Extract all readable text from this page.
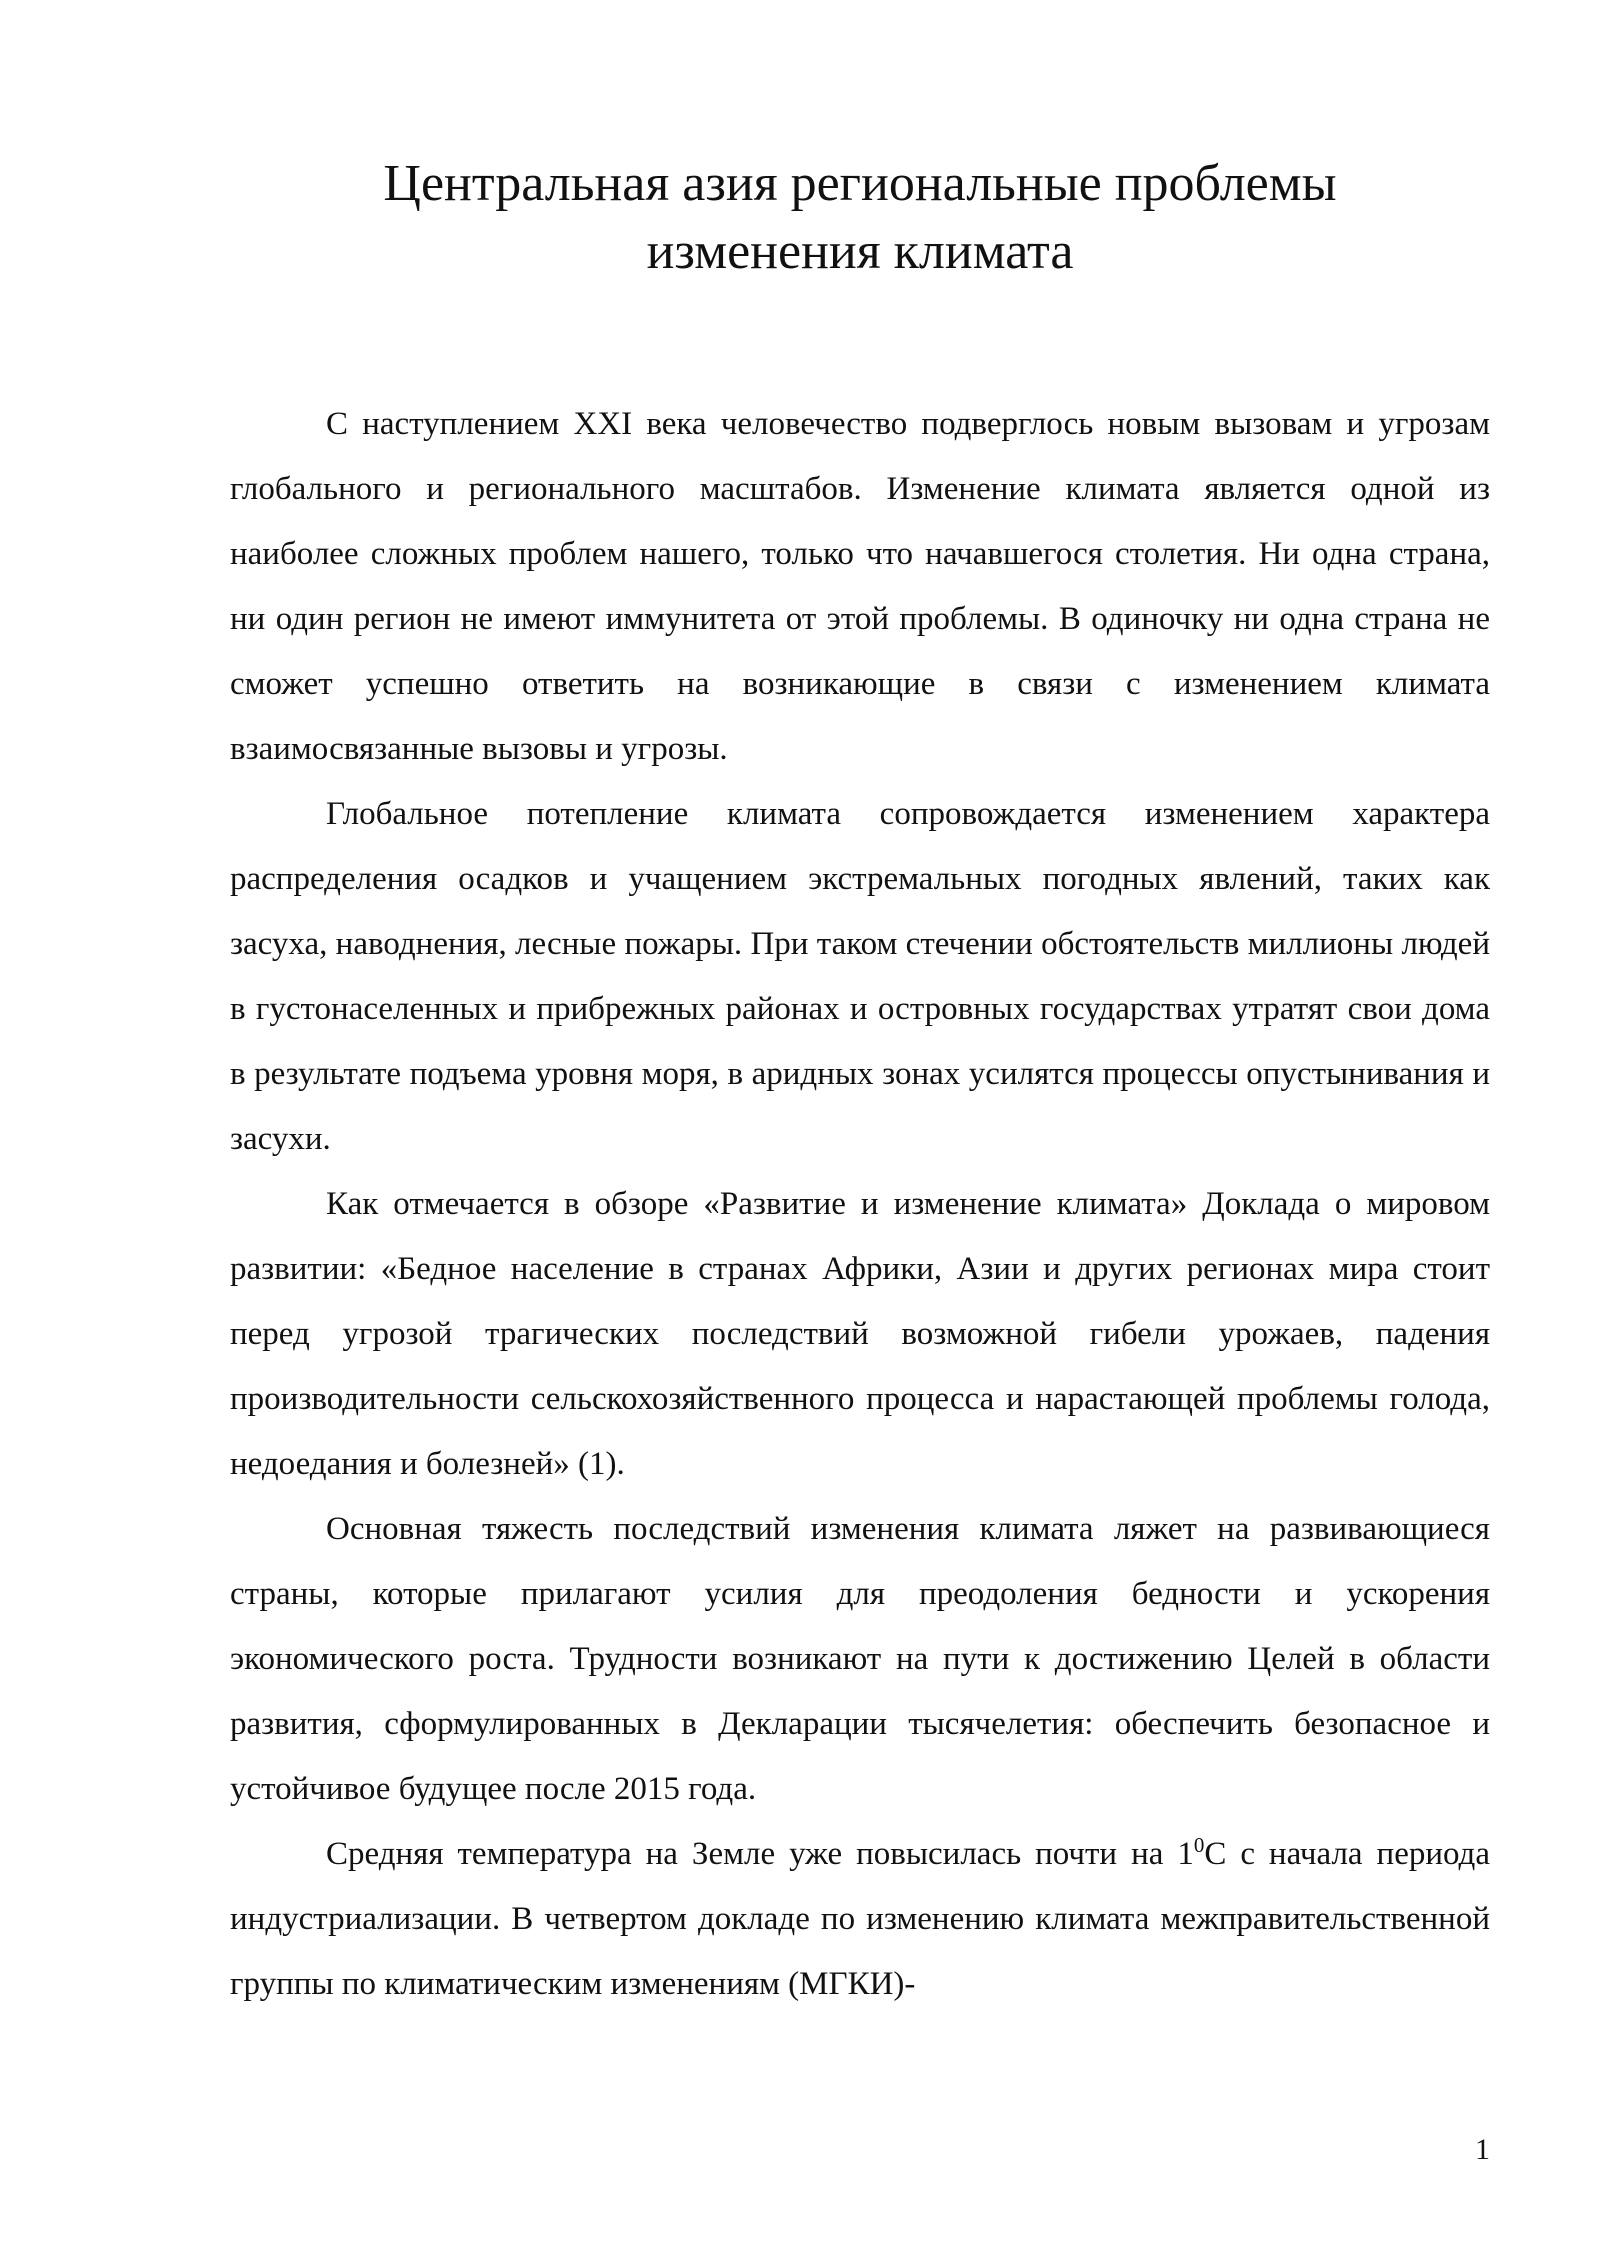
Центральная азия региональные проблемы
изменения климата

С наступлением XXI века человечество подверглось новым вызовам и угрозам глобального и регионального масштабов. Изменение климата является одной из наиболее сложных проблем нашего, только что начавшегося столетия. Ни одна страна, ни один регион не имеют иммунитета от этой проблемы. В одиночку ни одна страна не сможет успешно ответить на возникающие в связи с изменением климата взаимосвязанные вызовы и угрозы.

Глобальное потепление климата сопровождается изменением характера распределения осадков и учащением экстремальных погодных явлений, таких как засуха, наводнения, лесные пожары. При таком стечении обстоятельств миллионы людей в густонаселенных и прибрежных районах и островных государствах утратят свои дома в результате подъема уровня моря, в аридных зонах усилятся процессы опустынивания и засухи.

Как отмечается в обзоре «Развитие и изменение климата» Доклада о мировом развитии: «Бедное население в странах Африки, Азии и других регионах мира стоит перед угрозой трагических последствий возможной гибели урожаев, падения производительности сельскохозяйственного процесса и нарастающей проблемы голода, недоедания и болезней» (1).

Основная тяжесть последствий изменения климата ляжет на развивающиеся страны, которые прилагают усилия для преодоления бедности и ускорения экономического роста. Трудности возникают на пути к достижению Целей в области развития, сформулированных в Декларации тысячелетия: обеспечить безопасное и устойчивое будущее после 2015 года.

Средняя температура на Земле уже повысилась почти на $1^0С$ с начала периода индустриализации. В четвертом докладе по изменению климата межправительственной группы по климатическим изменениям (МГКИ)-

1
